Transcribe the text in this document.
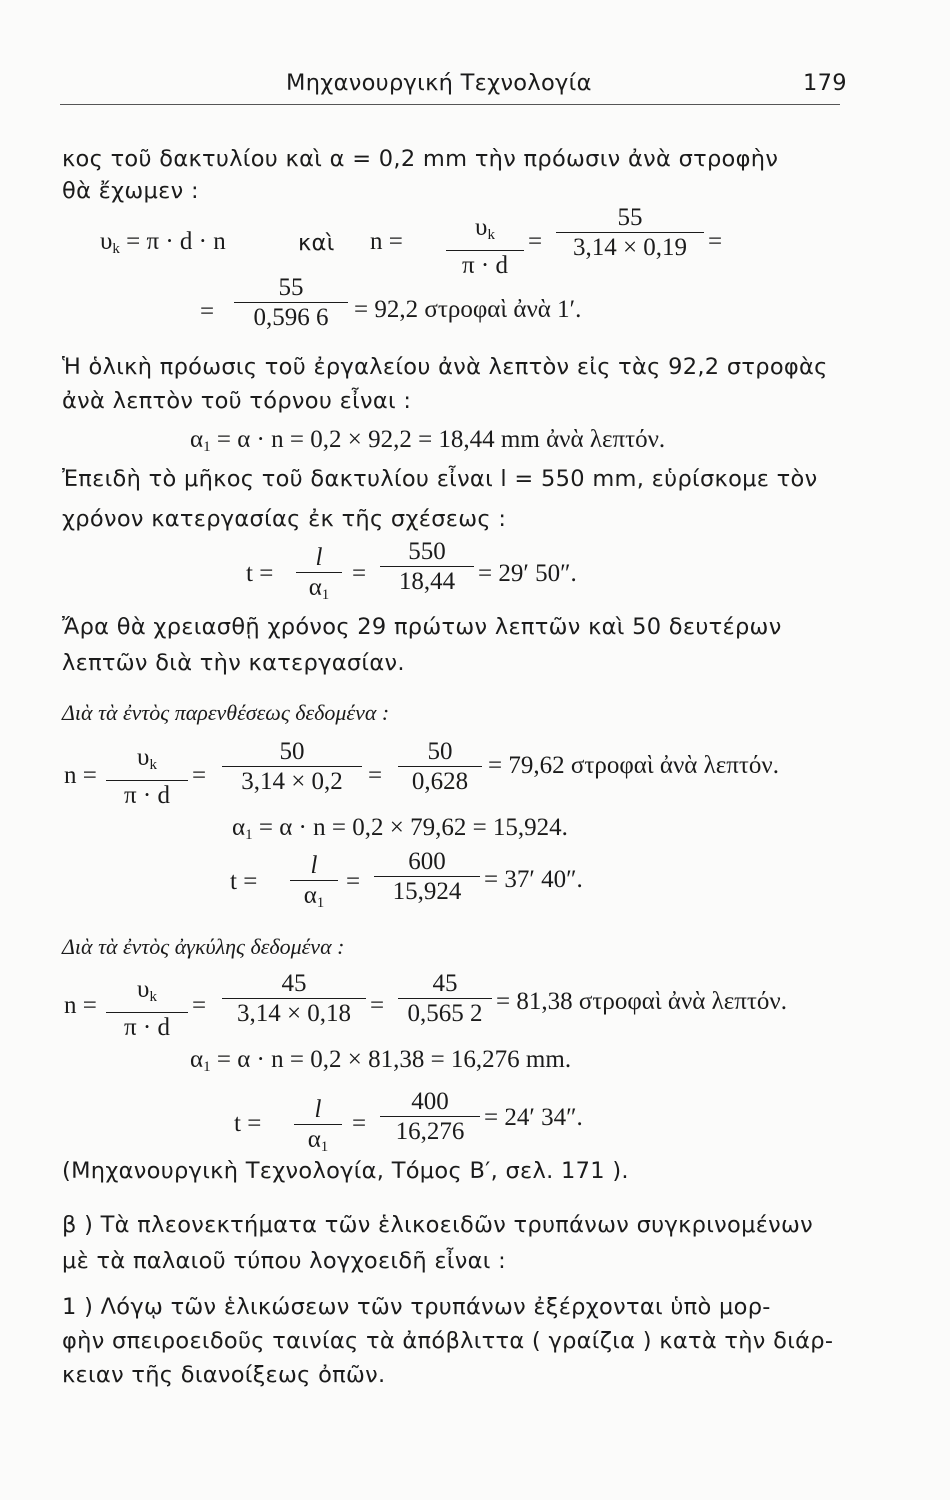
Μηχανουργική Τεχνολογία	179
κος τοῦ δακτυλίου καὶ α = 0,2 mm τὴν πρόωσιν ἀνὰ στροφὴν
θὰ ἔχωμεν :
$\upsilon_k = \pi \cdot d \cdot n$	καὶ n =
$\upsilon_k$
π · d
=
55
3,14 × 0,19 =
=
55
0,596 6	= 92,2 στροφαὶ ἀνὰ 1′.
Ἡ ὁλικὴ πρόωσις τοῦ ἐργαλείου ἀνὰ λεπτὸν εἰς τὰς 92,2 στροφὰς
ἀνὰ λεπτὸν τοῦ τόρνου εἶναι :
$\alpha_1 = \alpha \cdot n = 0,2 \times 92,2 = 18,44$ mm ἀνὰ λεπτόν.
Ἐπειδὴ τὸ μῆκος τοῦ δακτυλίου εἶναι l = 550 mm, εὑρίσκομε τὸν
χρόνον κατεργασίας ἐκ τῆς σχέσεως :
t =
l
$\alpha_1$
=
550
18,44 = 29′ 50″.
Ἄρα θὰ χρειασθῇ χρόνος 29 πρώτων λεπτῶν καὶ 50 δευτέρων
λεπτῶν διὰ τὴν κατεργασίαν.
Διὰ τὰ ἐντὸς παρενθέσεως δεδομένα :
n =
$\upsilon_k$
π · d
=
50
3,14 × 0,2	=
50
0,628
= 79,62 στροφαὶ ἀνὰ λεπτόν.
$\alpha_1 = \alpha \cdot n = 0,2 \times 79,62 = 15,924$.
t =
l
$\alpha_1$
=
600
15,924 = 37′ 40″.
Διὰ τὰ ἐντὸς ἀγκύλης δεδομένα :
n =
$\upsilon_k$
π · d
=
45
3,14 × 0,18 =
45
0,565 2 = 81,38 στροφαὶ ἀνὰ λεπτόν.
$\alpha_1 = \alpha \cdot n = 0,2 \times 81,38 = 16,276$ mm.
t =
l
$\alpha_1$
=
400
16,276
= 24′ 34″.
(Μηχανουργικὴ Τεχνολογία, Τόμος Β′, σελ. 171 ).
β ) Τὰ πλεονεκτήματα τῶν ἑλικοειδῶν τρυπάνων συγκρινομένων
μὲ τὰ παλαιοῦ τύπου λογχοειδῆ εἶναι :
1 ) Λόγῳ τῶν ἑλικώσεων τῶν τρυπάνων ἐξέρχονται ὑπὸ μορ-
φὴν σπειροειδοῦς ταινίας τὰ ἀπόβλιττα ( γραίζια ) κατὰ τὴν διάρ-
κειαν τῆς διανοίξεως ὀπῶν.
